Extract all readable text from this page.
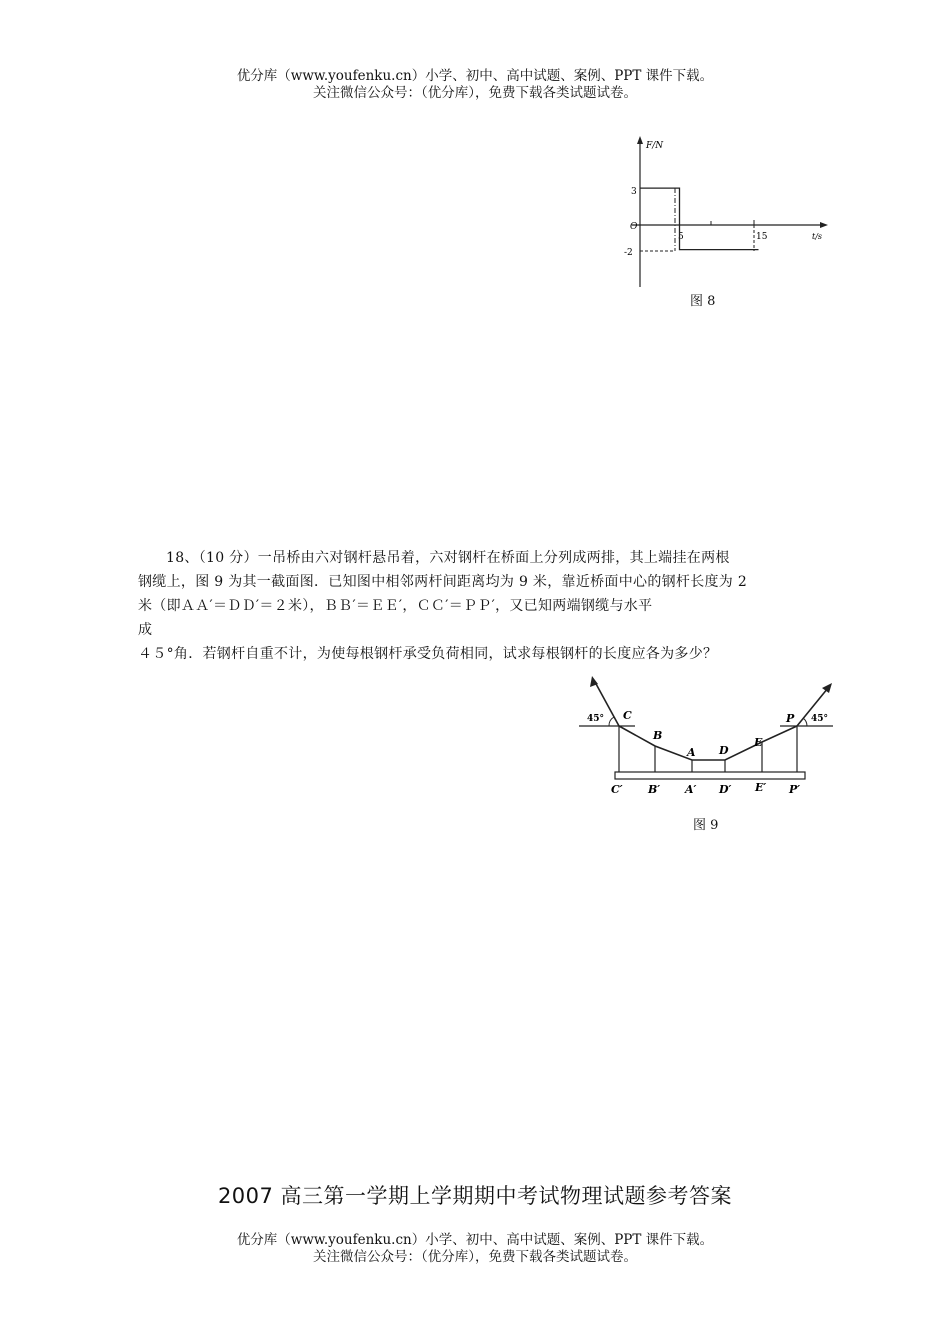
优分库（www.youfenku.cn）小学、初中、高中试题、案例、PPT 课件下载。
关注微信公众号：（优分库），免费下载各类试题试卷。
F/N
t/s
O
3
-2
5	15
图 8
18、（10 分）一吊桥由六对钢杆悬吊着，六对钢杆在桥面上分列成两排，其上端挂在两根
钢缆上，图 9 为其一截面图．已知图中相邻两杆间距离均为 9 米，靠近桥面中心的钢杆长度为 2
米（即ＡＡ′＝ＤＤ′＝２米），ＢＢ′＝ＥＥ′，ＣＣ′＝ＰＰ′，又已知两端钢缆与水平
成
４５°角．若钢杆自重不计，为使每根钢杆承受负荷相同，试求每根钢杆的长度应各为多少？
45°	45°
C
B
A D
E
P
C′ B′ A′ D′ E′ P′
图 9
2007 高三第一学期上学期期中考试物理试题参考答案
优分库（www.youfenku.cn）小学、初中、高中试题、案例、PPT 课件下载。
关注微信公众号：（优分库），免费下载各类试题试卷。
